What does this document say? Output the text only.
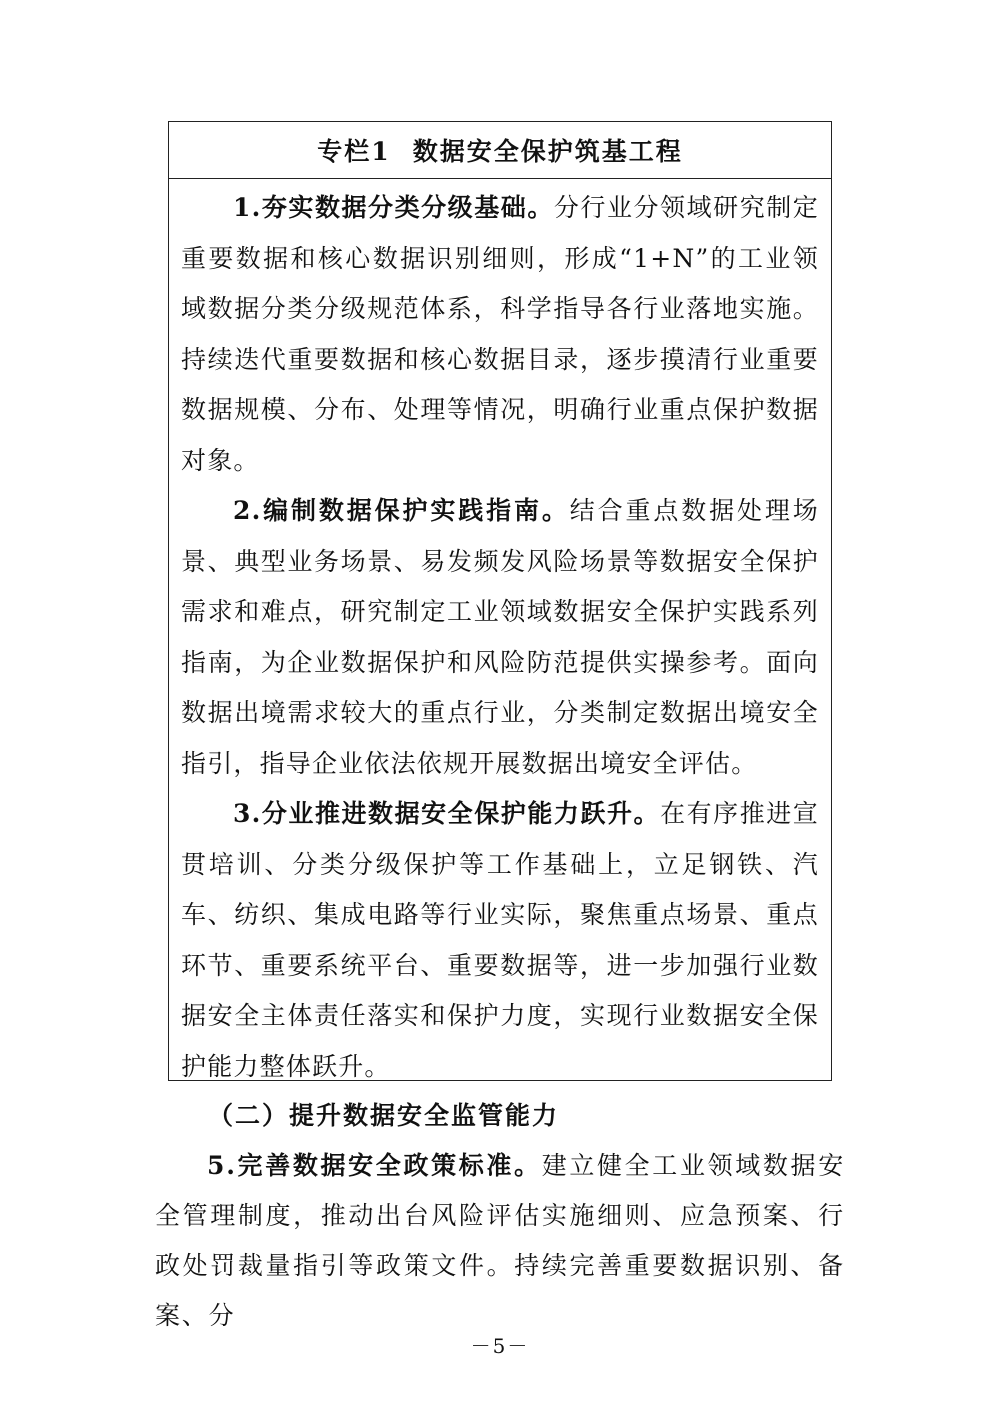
专栏1 数据安全保护筑基工程

1.夯实数据分类分级基础。分行业分领域研究制定重要数据和核心数据识别细则，形成“1+N”的工业领域数据分类分级规范体系，科学指导各行业落地实施。持续迭代重要数据和核心数据目录，逐步摸清行业重要数据规模、分布、处理等情况，明确行业重点保护数据对象。

2.编制数据保护实践指南。结合重点数据处理场景、典型业务场景、易发频发风险场景等数据安全保护需求和难点，研究制定工业领域数据安全保护实践系列指南，为企业数据保护和风险防范提供实操参考。面向数据出境需求较大的重点行业，分类制定数据出境安全指引，指导企业依法依规开展数据出境安全评估。

3.分业推进数据安全保护能力跃升。在有序推进宣贯培训、分类分级保护等工作基础上，立足钢铁、汽车、纺织、集成电路等行业实际，聚焦重点场景、重点环节、重要系统平台、重要数据等，进一步加强行业数据安全主体责任落实和保护力度，实现行业数据安全保护能力整体跃升。

（二）提升数据安全监管能力

5.完善数据安全政策标准。建立健全工业领域数据安全管理制度，推动出台风险评估实施细则、应急预案、行政处罚裁量指引等政策文件。持续完善重要数据识别、备案、分

－5－
